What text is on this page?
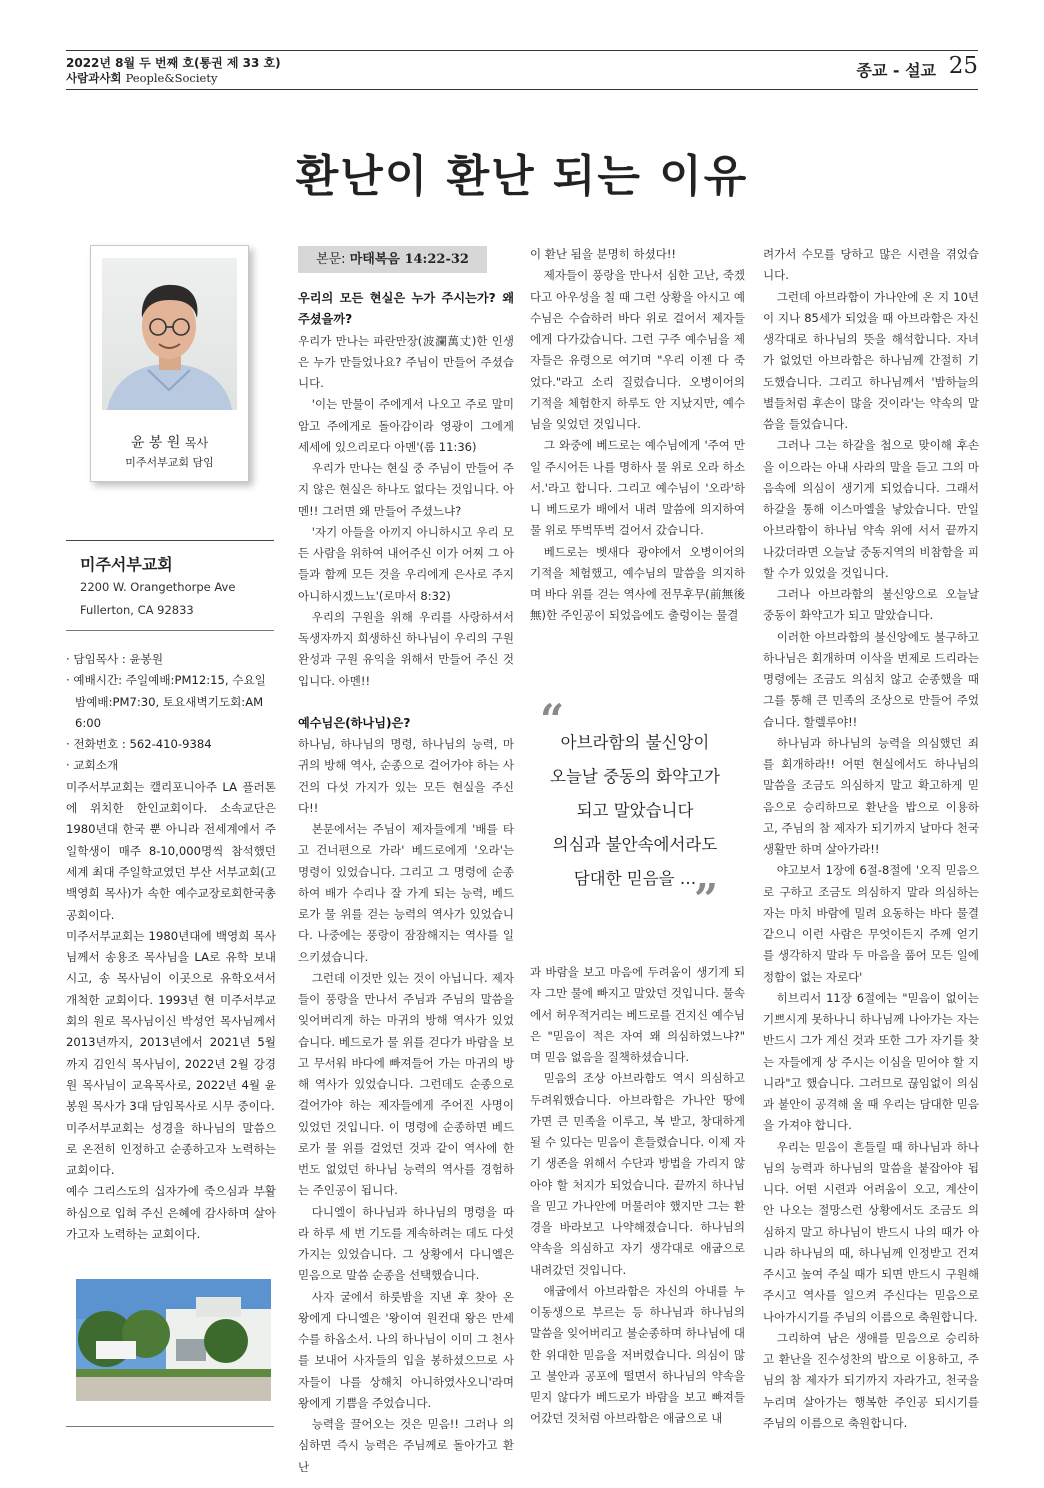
2022년 8월 두 번째 호(통권 제 33 호)
사람과사회 People&Society	종교 - 설교 25
환난이 환난 되는 이유
윤 봉 원 목사
미주서부교회 담임
미주서부교회
2200 W. Orangethorpe Ave
Fullerton, CA 92833
· 담임목사 : 윤봉원
· 예배시간: 주일예배:PM12:15, 수요일 밤예배:PM7:30, 토요새벽기도회:AM 6:00
· 전화번호 : 562-410-9384
· 교회소개
미주서부교회는 캘리포니아주 LA 플러톤에 위치한 한인교회이다. 소속교단은 1980년대 한국 뿐 아니라 전세계에서 주일학생이 매주 8-10,000명씩 참석했던 세계 최대 주일학교였던 부산 서부교회(고 백영희 목사)가 속한 예수교장로회한국총공회이다.
미주서부교회는 1980년대에 백영희 목사님께서 송용조 목사님을 LA로 유학 보내시고, 송 목사님이 이곳으로 유학오셔서 개척한 교회이다. 1993년 현 미주서부교회의 원로 목사님이신 박성언 목사님께서 2013년까지, 2013년에서 2021년 5월까지 김인식 목사님이, 2022년 2월 강경원 목사님이 교육목사로, 2022년 4월 윤봉원 목사가 3대 담임목사로 시무 중이다.
미주서부교회는 성경을 하나님의 말씀으로 온전히 인정하고 순종하고자 노력하는 교회이다.
예수 그리스도의 십자가에 죽으심과 부활하심으로 입혀 주신 은혜에 감사하며 살아가고자 노력하는 교회이다.
본문: 마태복음 14:22-32
우리의 모든 현실은 누가 주시는가? 왜 주셨을까?

우리가 만나는 파란만장(波瀾萬丈)한 인생은 누가 만들었나요? 주님이 만들어 주셨습니다.

'이는 만물이 주에게서 나오고 주로 말미암고 주에게로 돌아감이라 영광이 그에게 세세에 있으리로다 아멘'(롬 11:36)

우리가 만나는 현실 중 주님이 만들어 주지 않은 현실은 하나도 없다는 것입니다. 아멘!! 그러면 왜 만들어 주셨느냐?

'자기 아들을 아끼지 아니하시고 우리 모든 사람을 위하여 내어주신 이가 어찌 그 아들과 함께 모든 것을 우리에게 은사로 주지 아니하시겠느뇨'(로마서 8:32)

우리의 구원을 위해 우리를 사랑하셔서 독생자까지 희생하신 하나님이 우리의 구원 완성과 구원 유익을 위해서 만들어 주신 것입니다. 아멘!!

예수님은(하나님)은?

하나님, 하나님의 명령, 하나님의 능력, 마귀의 방해 역사, 순종으로 걸어가야 하는 사건의 다섯 가지가 있는 모든 현실을 주신다!!

본문에서는 주님이 제자들에게 '배를 타고 건너편으로 가라' 베드로에게 '오라'는 명령이 있었습니다. 그리고 그 명령에 순종하여 배가 수리나 잘 가게 되는 능력, 베드로가 물 위를 걷는 능력의 역사가 있었습니다. 나중에는 풍랑이 잠잠해지는 역사를 일으키셨습니다.

그런데 이것만 있는 것이 아닙니다. 제자들이 풍랑을 만나서 주님과 주님의 말씀을 잊어버리게 하는 마귀의 방해 역사가 있었습니다. 베드로가 물 위를 걷다가 바람을 보고 무서워 바다에 빠져들어 가는 마귀의 방해 역사가 있었습니다. 그런데도 순종으로 걸어가야 하는 제자들에게 주어진 사명이 있었던 것입니다. 이 명령에 순종하면 베드로가 물 위를 걸었던 것과 같이 역사에 한 번도 없었던 하나님 능력의 역사를 경험하는 주인공이 됩니다.

다니엘이 하나님과 하나님의 명령을 따라 하루 세 번 기도를 계속하려는 데도 다섯 가지는 있었습니다. 그 상황에서 다니엘은 믿음으로 말씀 순종을 선택했습니다.

사자 굴에서 하룻밤을 지낸 후 찾아 온 왕에게 다니엘은 '왕이여 원컨대 왕은 만세수를 하옵소서. 나의 하나님이 이미 그 천사를 보내어 사자들의 입을 봉하셨으므로 사자들이 나를 상해치 아니하였사오니'라며 왕에게 기쁨을 주었습니다.

능력을 끌어오는 것은 믿음!! 그러나 의심하면 즉시 능력은 주님께로 돌아가고 환난

이 환난 됨을 분명히 하셨다!!

제자들이 풍랑을 만나서 심한 고난, 죽겠다고 아우성을 칠 때 그런 상황을 아시고 예수님은 수습하러 바다 위로 걸어서 제자들에게 다가갔습니다. 그런 구주 예수님을 제자들은 유령으로 여기며 "우리 이젠 다 죽었다."라고 소리 질렀습니다. 오병이어의 기적을 체험한지 하루도 안 지났지만, 예수님을 잊었던 것입니다.

그 와중에 베드로는 예수님에게 '주여 만일 주시어든 나를 명하사 물 위로 오라 하소서.'라고 합니다. 그리고 예수님이 '오라'하니 베드로가 배에서 내려 말씀에 의지하여 물 위로 뚜벅뚜벅 걸어서 갔습니다.

베드로는 벳새다 광야에서 오병이어의 기적을 체험했고, 예수님의 말씀을 의지하며 바다 위를 걷는 역사에 전무후무(前無後無)한 주인공이 되었음에도 출렁이는 물결

“
아브라함의 불신앙이
오늘날 중동의 화약고가
되고 말았습니다
의심과 불안속에서라도
담대한 믿음을 …
”

과 바람을 보고 마음에 두려움이 생기게 되자 그만 물에 빠지고 말았던 것입니다. 물속에서 허우적거리는 베드로를 건지신 예수님은 "믿음이 적은 자여 왜 의심하였느냐?" 며 믿음 없음을 질책하셨습니다.

믿음의 조상 아브라함도 역시 의심하고 두려워했습니다. 아브라함은 가나안 땅에 가면 큰 민족을 이루고, 복 받고, 창대하게 될 수 있다는 믿음이 흔들렸습니다. 이제 자기 생존을 위해서 수단과 방법을 가리지 않아야 할 처지가 되었습니다. 끝까지 하나님을 믿고 가나안에 머물러야 했지만 그는 환경을 바라보고 나약해졌습니다. 하나님의 약속을 의심하고 자기 생각대로 애굽으로 내려갔던 것입니다.

애굽에서 아브라함은 자신의 아내를 누이동생으로 부르는 등 하나님과 하나님의 말씀을 잊어버리고 불순종하며 하나님에 대한 위대한 믿음을 저버렸습니다. 의심이 많고 불안과 공포에 떨면서 하나님의 약속을 믿지 않다가 베드로가 바람을 보고 빠져들어갔던 것처럼 아브라함은 애굽으로 내

려가서 수모를 당하고 많은 시련을 겪었습니다.

그런데 아브라함이 가나안에 온 지 10년이 지나 85세가 되었을 때 아브라함은 자신 생각대로 하나님의 뜻을 해석합니다. 자녀가 없었던 아브라함은 하나님께 간절히 기도했습니다. 그리고 하나님께서 '밤하늘의 별들처럼 후손이 많을 것이라'는 약속의 말씀을 들었습니다.

그러나 그는 하갈을 첩으로 맞이해 후손을 이으라는 아내 사라의 말을 듣고 그의 마음속에 의심이 생기게 되었습니다. 그래서 하갈을 통해 이스마엘을 낳았습니다. 만일 아브라함이 하나님 약속 위에 서서 끝까지 나갔더라면 오늘날 중동지역의 비참함을 피할 수가 있었을 것입니다.

그러나 아브라함의 불신앙으로 오늘날 중동이 화약고가 되고 말았습니다.

이러한 아브라함의 불신앙에도 불구하고 하나님은 회개하며 이삭을 번제로 드리라는 명령에는 조금도 의심치 않고 순종했을 때 그를 통해 큰 민족의 조상으로 만들어 주었습니다. 할렐루야!!

하나님과 하나님의 능력을 의심했던 죄를 회개하라!! 어떤 현실에서도 하나님의 말씀을 조금도 의심하지 말고 확고하게 믿음으로 승리하므로 환난을 밥으로 이용하고, 주님의 참 제자가 되기까지 날마다 천국 생활만 하며 살아가라!!

야고보서 1장에 6절-8절에 '오직 믿음으로 구하고 조금도 의심하지 말라 의심하는 자는 마치 바람에 밀려 요동하는 바다 물결 같으니 이런 사람은 무엇이든지 주께 얻기를 생각하지 말라 두 마음을 품어 모든 일에 정함이 없는 자로다'

히브리서 11장 6절에는 "믿음이 없이는 기쁘시게 못하나니 하나님께 나아가는 자는 반드시 그가 계신 것과 또한 그가 자기를 찾는 자들에게 상 주시는 이심을 믿어야 할 지니라"고 했습니다. 그러므로 끊임없이 의심과 불안이 공격해 올 때 우리는 담대한 믿음을 가져야 합니다.

우리는 믿음이 흔들릴 때 하나님과 하나님의 능력과 하나님의 말씀을 붙잡아야 됩니다. 어떤 시련과 어려움이 오고, 계산이 안 나오는 절망스런 상황에서도 조금도 의심하지 말고 하나님이 반드시 나의 때가 아니라 하나님의 때, 하나님께 인정받고 건져 주시고 높여 주실 때가 되면 반드시 구원해 주시고 역사를 일으켜 주신다는 믿음으로 나아가시기를 주님의 이름으로 축원합니다.

그리하여 남은 생애를 믿음으로 승리하고 환난을 진수성찬의 밥으로 이용하고, 주님의 참 제자가 되기까지 자라가고, 천국을 누리며 살아가는 행복한 주인공 되시기를 주님의 이름으로 축원합니다.
